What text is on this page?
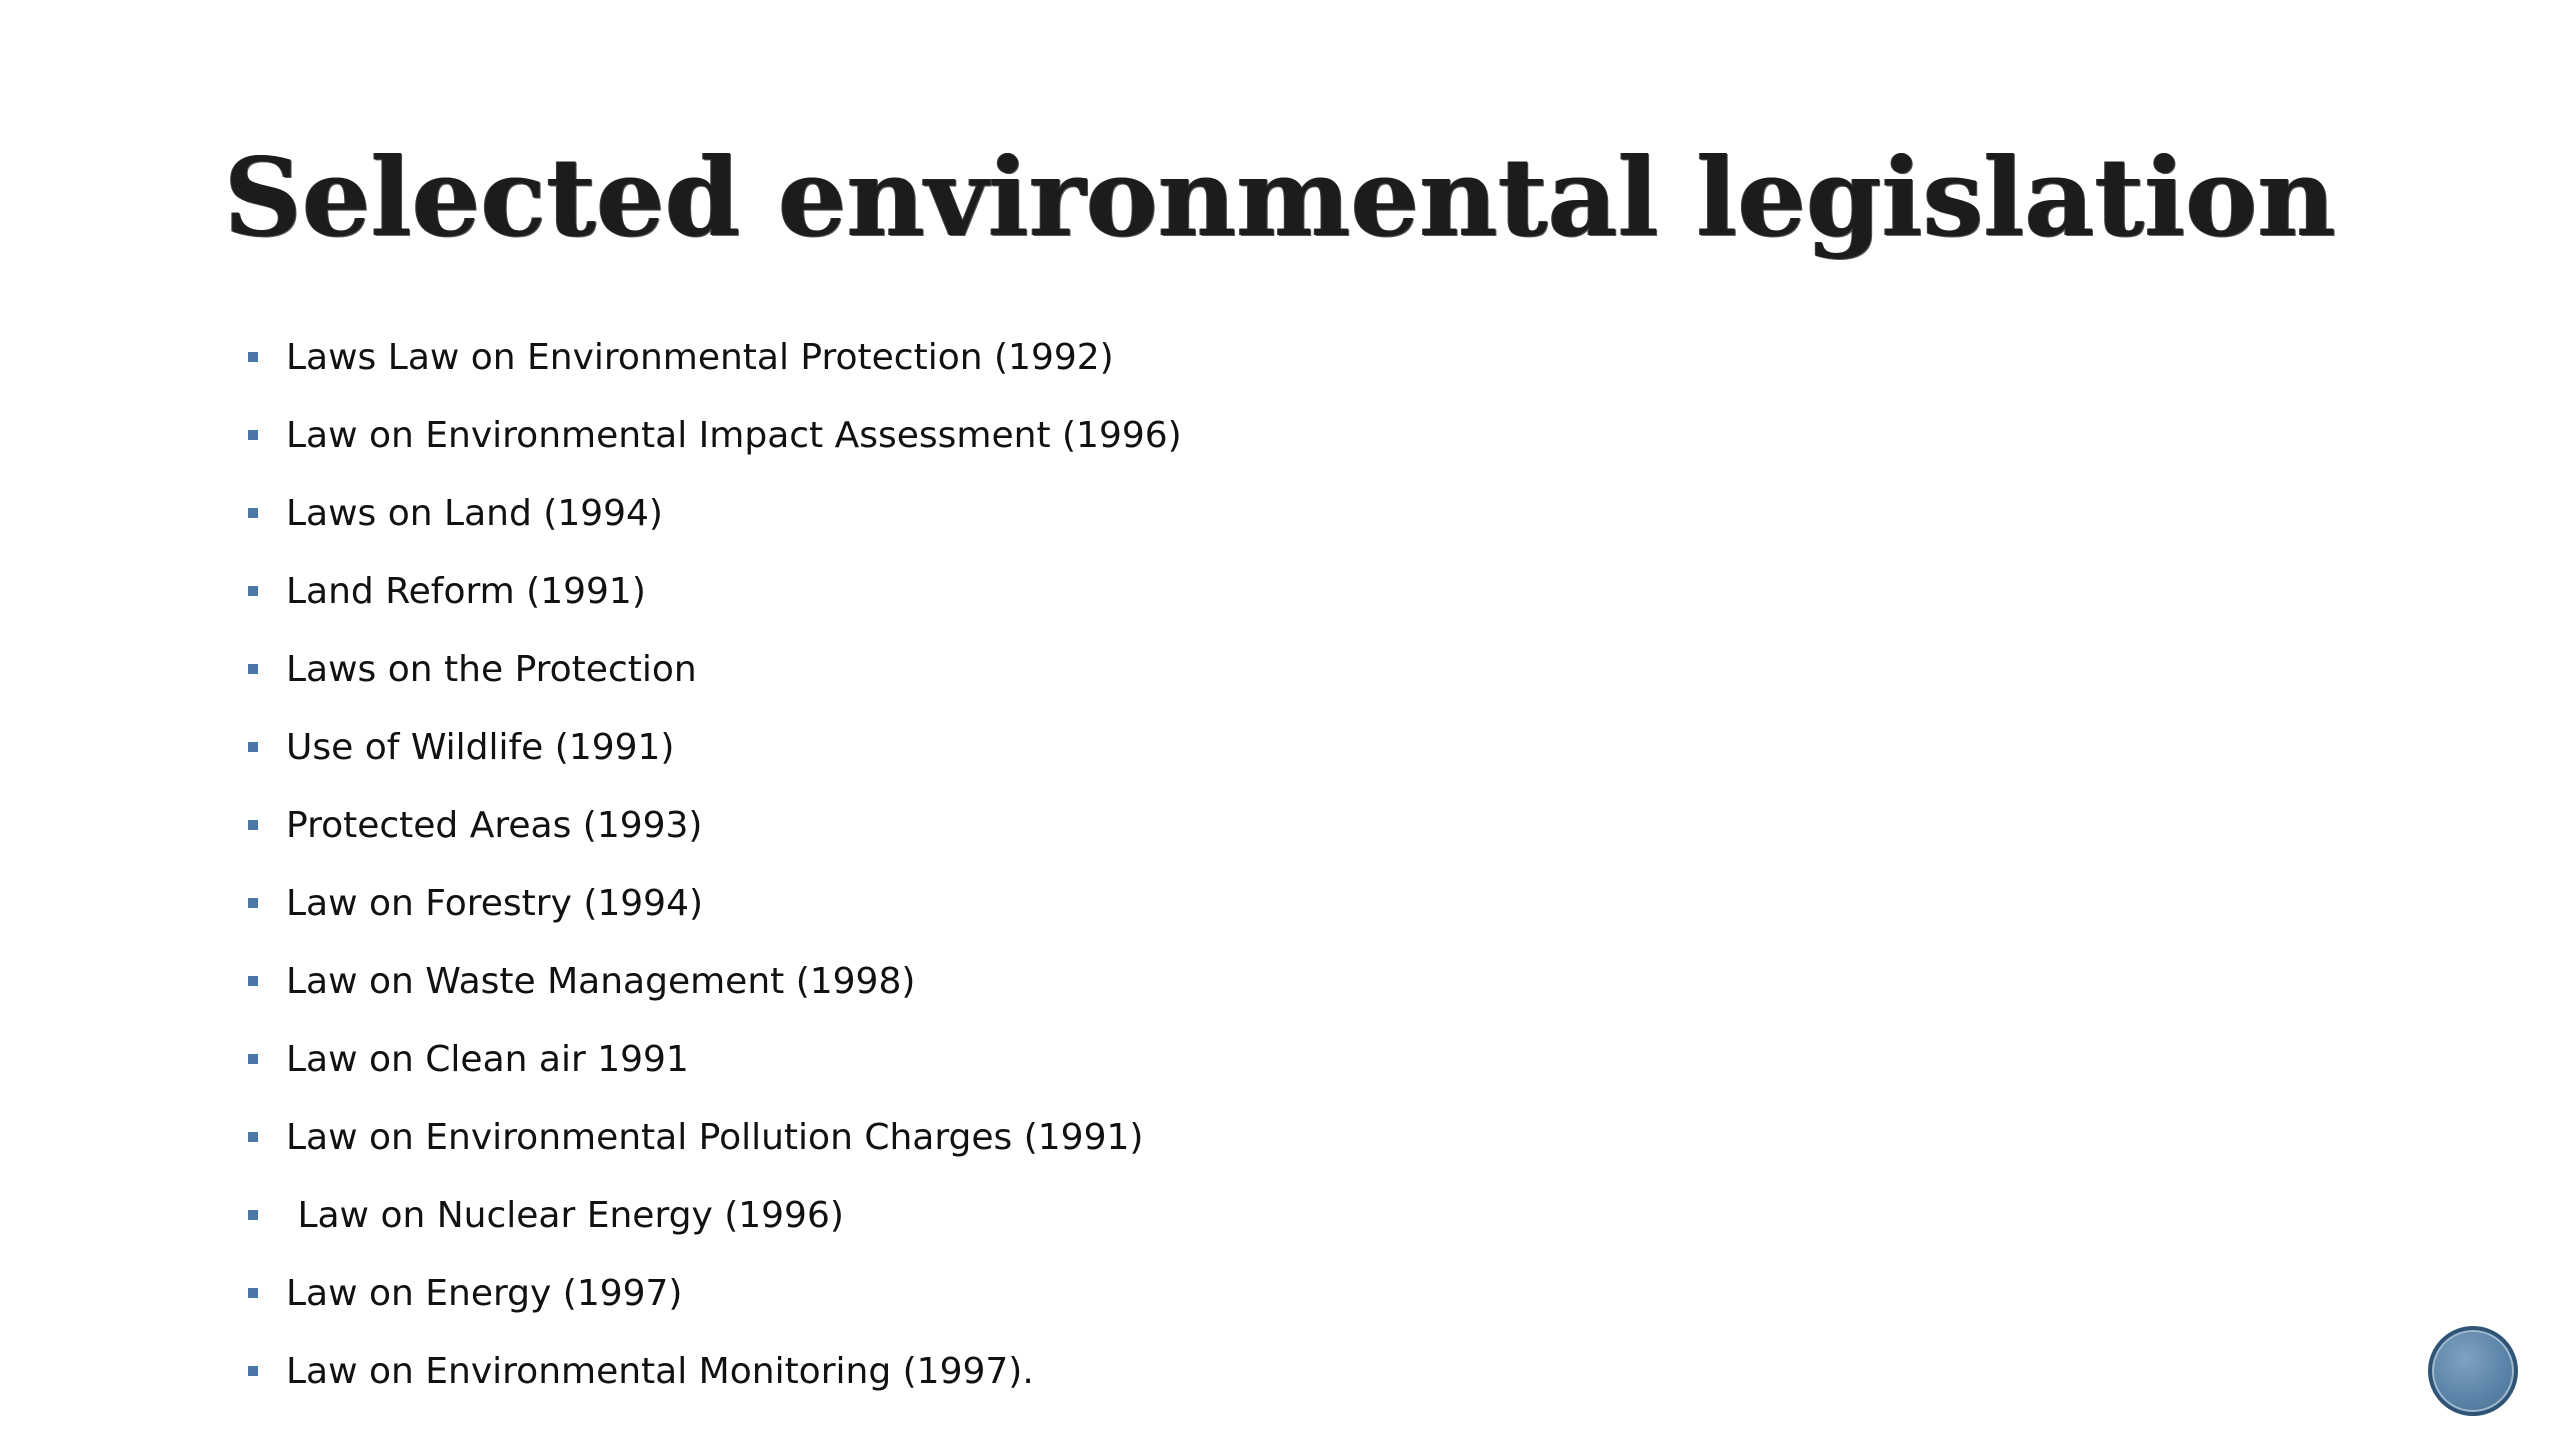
Selected environmental legislation
Laws Law on Environmental Protection (1992)
Law on Environmental Impact Assessment (1996)
Laws on Land (1994)
Land Reform (1991)
Laws on the Protection
Use of Wildlife (1991)
Protected Areas (1993)
Law on Forestry (1994)
Law on Waste Management (1998)
Law on Clean air 1991
Law on Environmental Pollution Charges (1991)
Law on Nuclear Energy (1996)
Law on Energy (1997)
Law on Environmental Monitoring (1997).
